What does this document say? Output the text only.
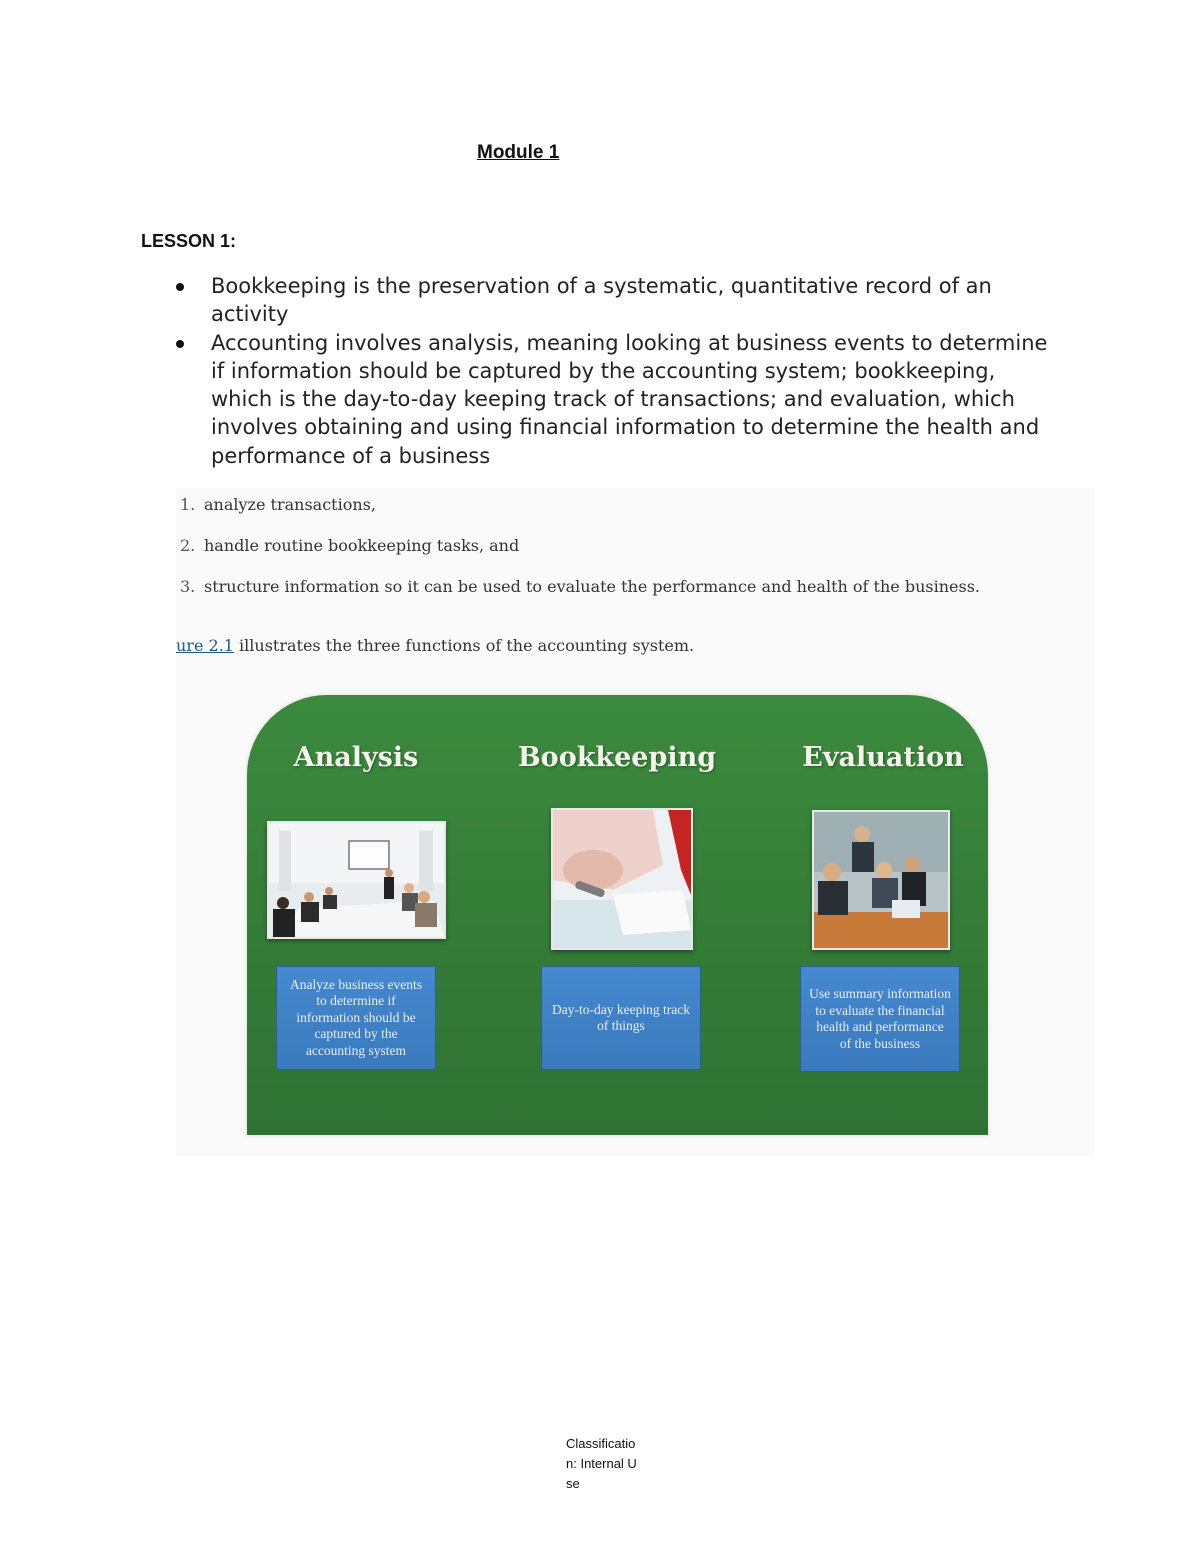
Module 1
LESSON 1:
Bookkeeping is the preservation of a systematic, quantitative record of an activity
Accounting involves analysis, meaning looking at business events to determine if information should be captured by the accounting system; bookkeeping, which is the day-to-day keeping track of transactions; and evaluation, which involves obtaining and using financial information to determine the health and performance of a business
1. analyze transactions,
2. handle routine bookkeeping tasks, and
3. structure information so it can be used to evaluate the performance and health of the business.
ure 2.1 illustrates the three functions of the accounting system.
Analysis	Bookkeeping	Evaluation
Analyze business events to determine if information should be captured by the accounting system
Day-to-day keeping track of things
Use summary information to evaluate the financial health and performance of the business
Classification: Internal Use
